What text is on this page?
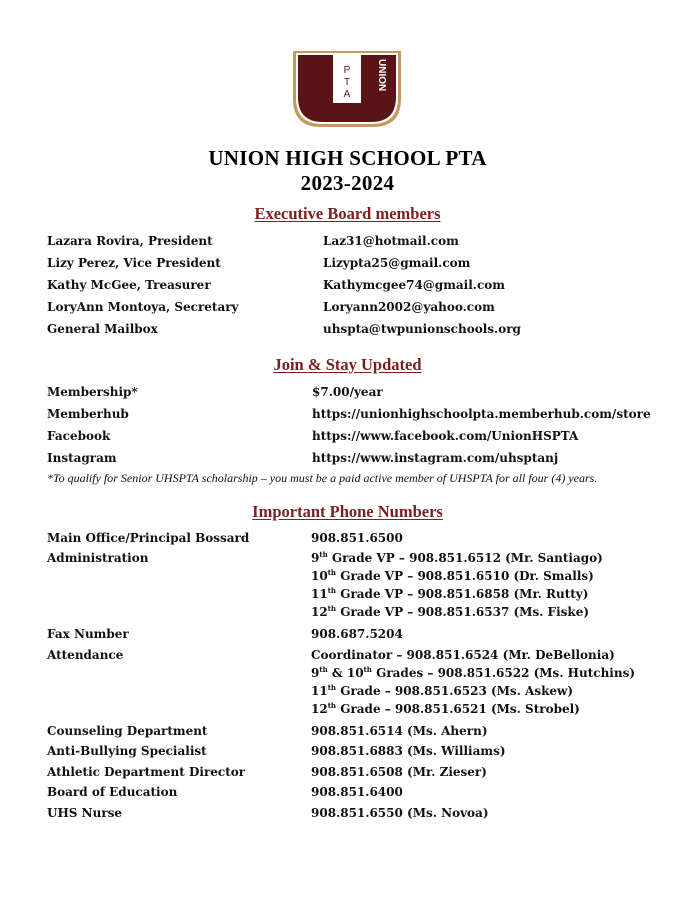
P
T
A
UNION
UNION HIGH SCHOOL PTA
2023-2024
Executive Board members
Lazara Rovira, President	Laz31@hotmail.com
Lizy Perez, Vice President	Lizypta25@gmail.com
Kathy McGee, Treasurer	Kathymcgee74@gmail.com
LoryAnn Montoya, Secretary	Loryann2002@yahoo.com
General Mailbox	uhspta@twpunionschools.org
Join & Stay Updated
Membership*	$7.00/year
Memberhub	https://unionhighschoolpta.memberhub.com/store
Facebook	https://www.facebook.com/UnionHSPTA
Instagram	https://www.instagram.com/uhsptanj
*To qualify for Senior UHSPTA scholarship – you must be a paid active member of UHSPTA for all four (4) years.
Important Phone Numbers
Main Office/Principal Bossard	908.851.6500
Administration	9th Grade VP – 908.851.6512 (Mr. Santiago)
10th Grade VP – 908.851.6510 (Dr. Smalls)
11th Grade VP – 908.851.6858 (Mr. Rutty)
12th Grade VP – 908.851.6537 (Ms. Fiske)
Fax Number	908.687.5204
Attendance	Coordinator – 908.851.6524 (Mr. DeBellonia)
9th & 10th Grades – 908.851.6522 (Ms. Hutchins)
11th Grade – 908.851.6523 (Ms. Askew)
12th Grade – 908.851.6521 (Ms. Strobel)
Counseling Department	908.851.6514 (Ms. Ahern)
Anti-Bullying Specialist	908.851.6883 (Ms. Williams)
Athletic Department Director	908.851.6508 (Mr. Zieser)
Board of Education	908.851.6400
UHS Nurse	908.851.6550 (Ms. Novoa)
